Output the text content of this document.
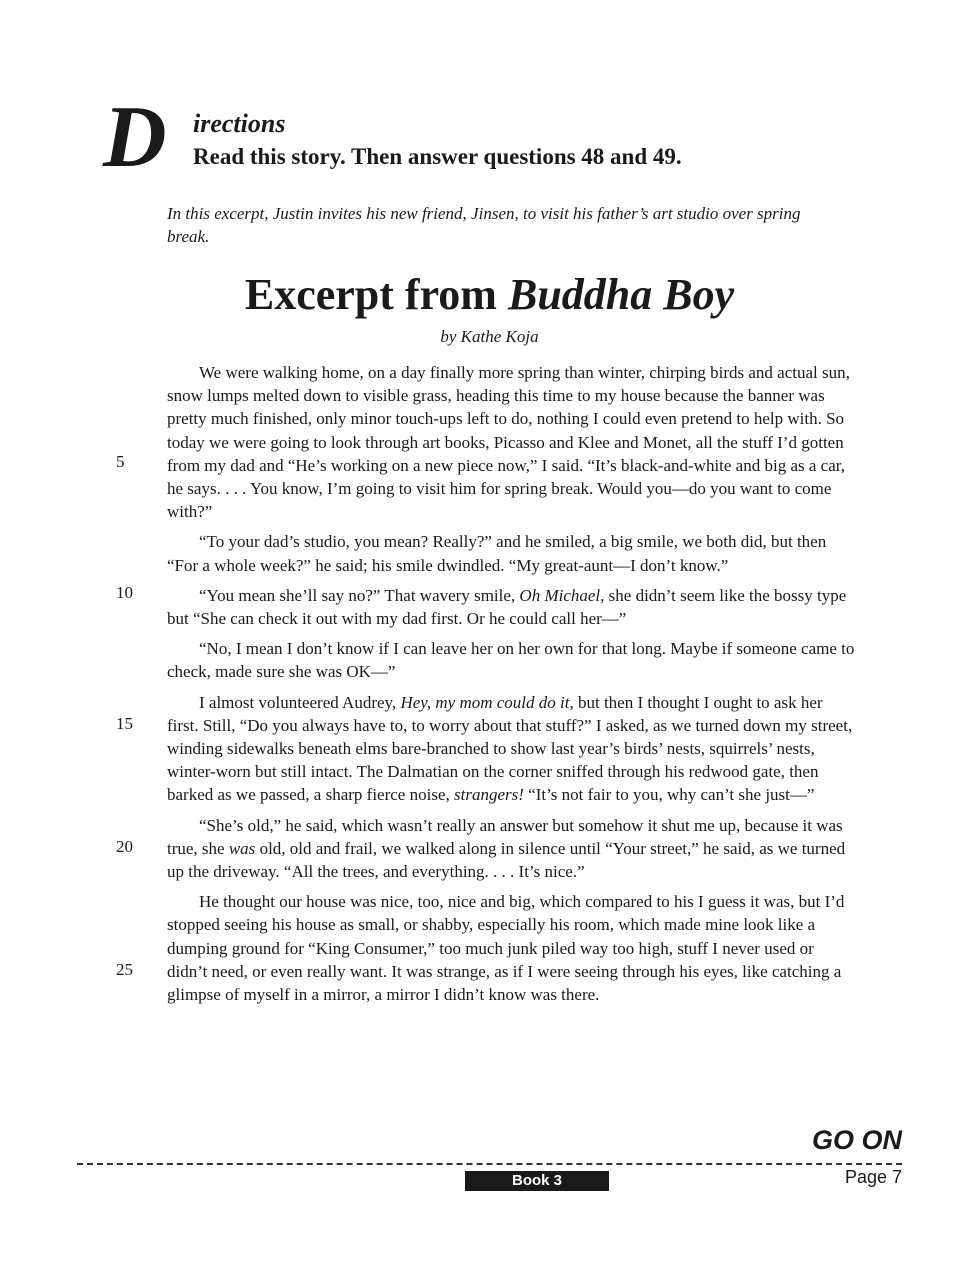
D irections
Read this story. Then answer questions 48 and 49.
In this excerpt, Justin invites his new friend, Jinsen, to visit his father’s art studio over spring break.
Excerpt from Buddha Boy
by Kathe Koja

We were walking home, on a day finally more spring than winter, chirping birds and actual sun, snow lumps melted down to visible grass, heading this time to my house because the banner was pretty much finished, only minor touch-ups left to do, nothing I could even pretend to help with. So today we were going to look through art books, Picasso and Klee and Monet, all the stuff I’d gotten from my dad and “He’s working on a new piece now,” I said. “It’s black-and-white and big as a car, he says. . . . You know, I’m going to visit him for spring break. Would you—do you want to come with?”

“To your dad’s studio, you mean? Really?” and he smiled, a big smile, we both did, but then “For a whole week?” he said; his smile dwindled. “My great-aunt—I don’t know.”

“You mean she’ll say no?” That wavery smile, Oh Michael, she didn’t seem like the bossy type but “She can check it out with my dad first. Or he could call her—”

“No, I mean I don’t know if I can leave her on her own for that long. Maybe if someone came to check, made sure she was OK—”

I almost volunteered Audrey, Hey, my mom could do it, but then I thought I ought to ask her first. Still, “Do you always have to, to worry about that stuff?” I asked, as we turned down my street, winding sidewalks beneath elms bare-branched to show last year’s birds’ nests, squirrels’ nests, winter-worn but still intact. The Dalmatian on the corner sniffed through his redwood gate, then barked as we passed, a sharp fierce noise, strangers! “It’s not fair to you, why can’t she just—”

“She’s old,” he said, which wasn’t really an answer but somehow it shut me up, because it was true, she was old, old and frail, we walked along in silence until “Your street,” he said, as we turned up the driveway. “All the trees, and everything. . . . It’s nice.”

He thought our house was nice, too, nice and big, which compared to his I guess it was, but I’d stopped seeing his house as small, or shabby, especially his room, which made mine look like a dumping ground for “King Consumer,” too much junk piled way too high, stuff I never used or didn’t need, or even really want. It was strange, as if I were seeing through his eyes, like catching a glimpse of myself in a mirror, a mirror I didn’t know was there.

5
10
15
20
25
GO ON
Book 3	Page 7
